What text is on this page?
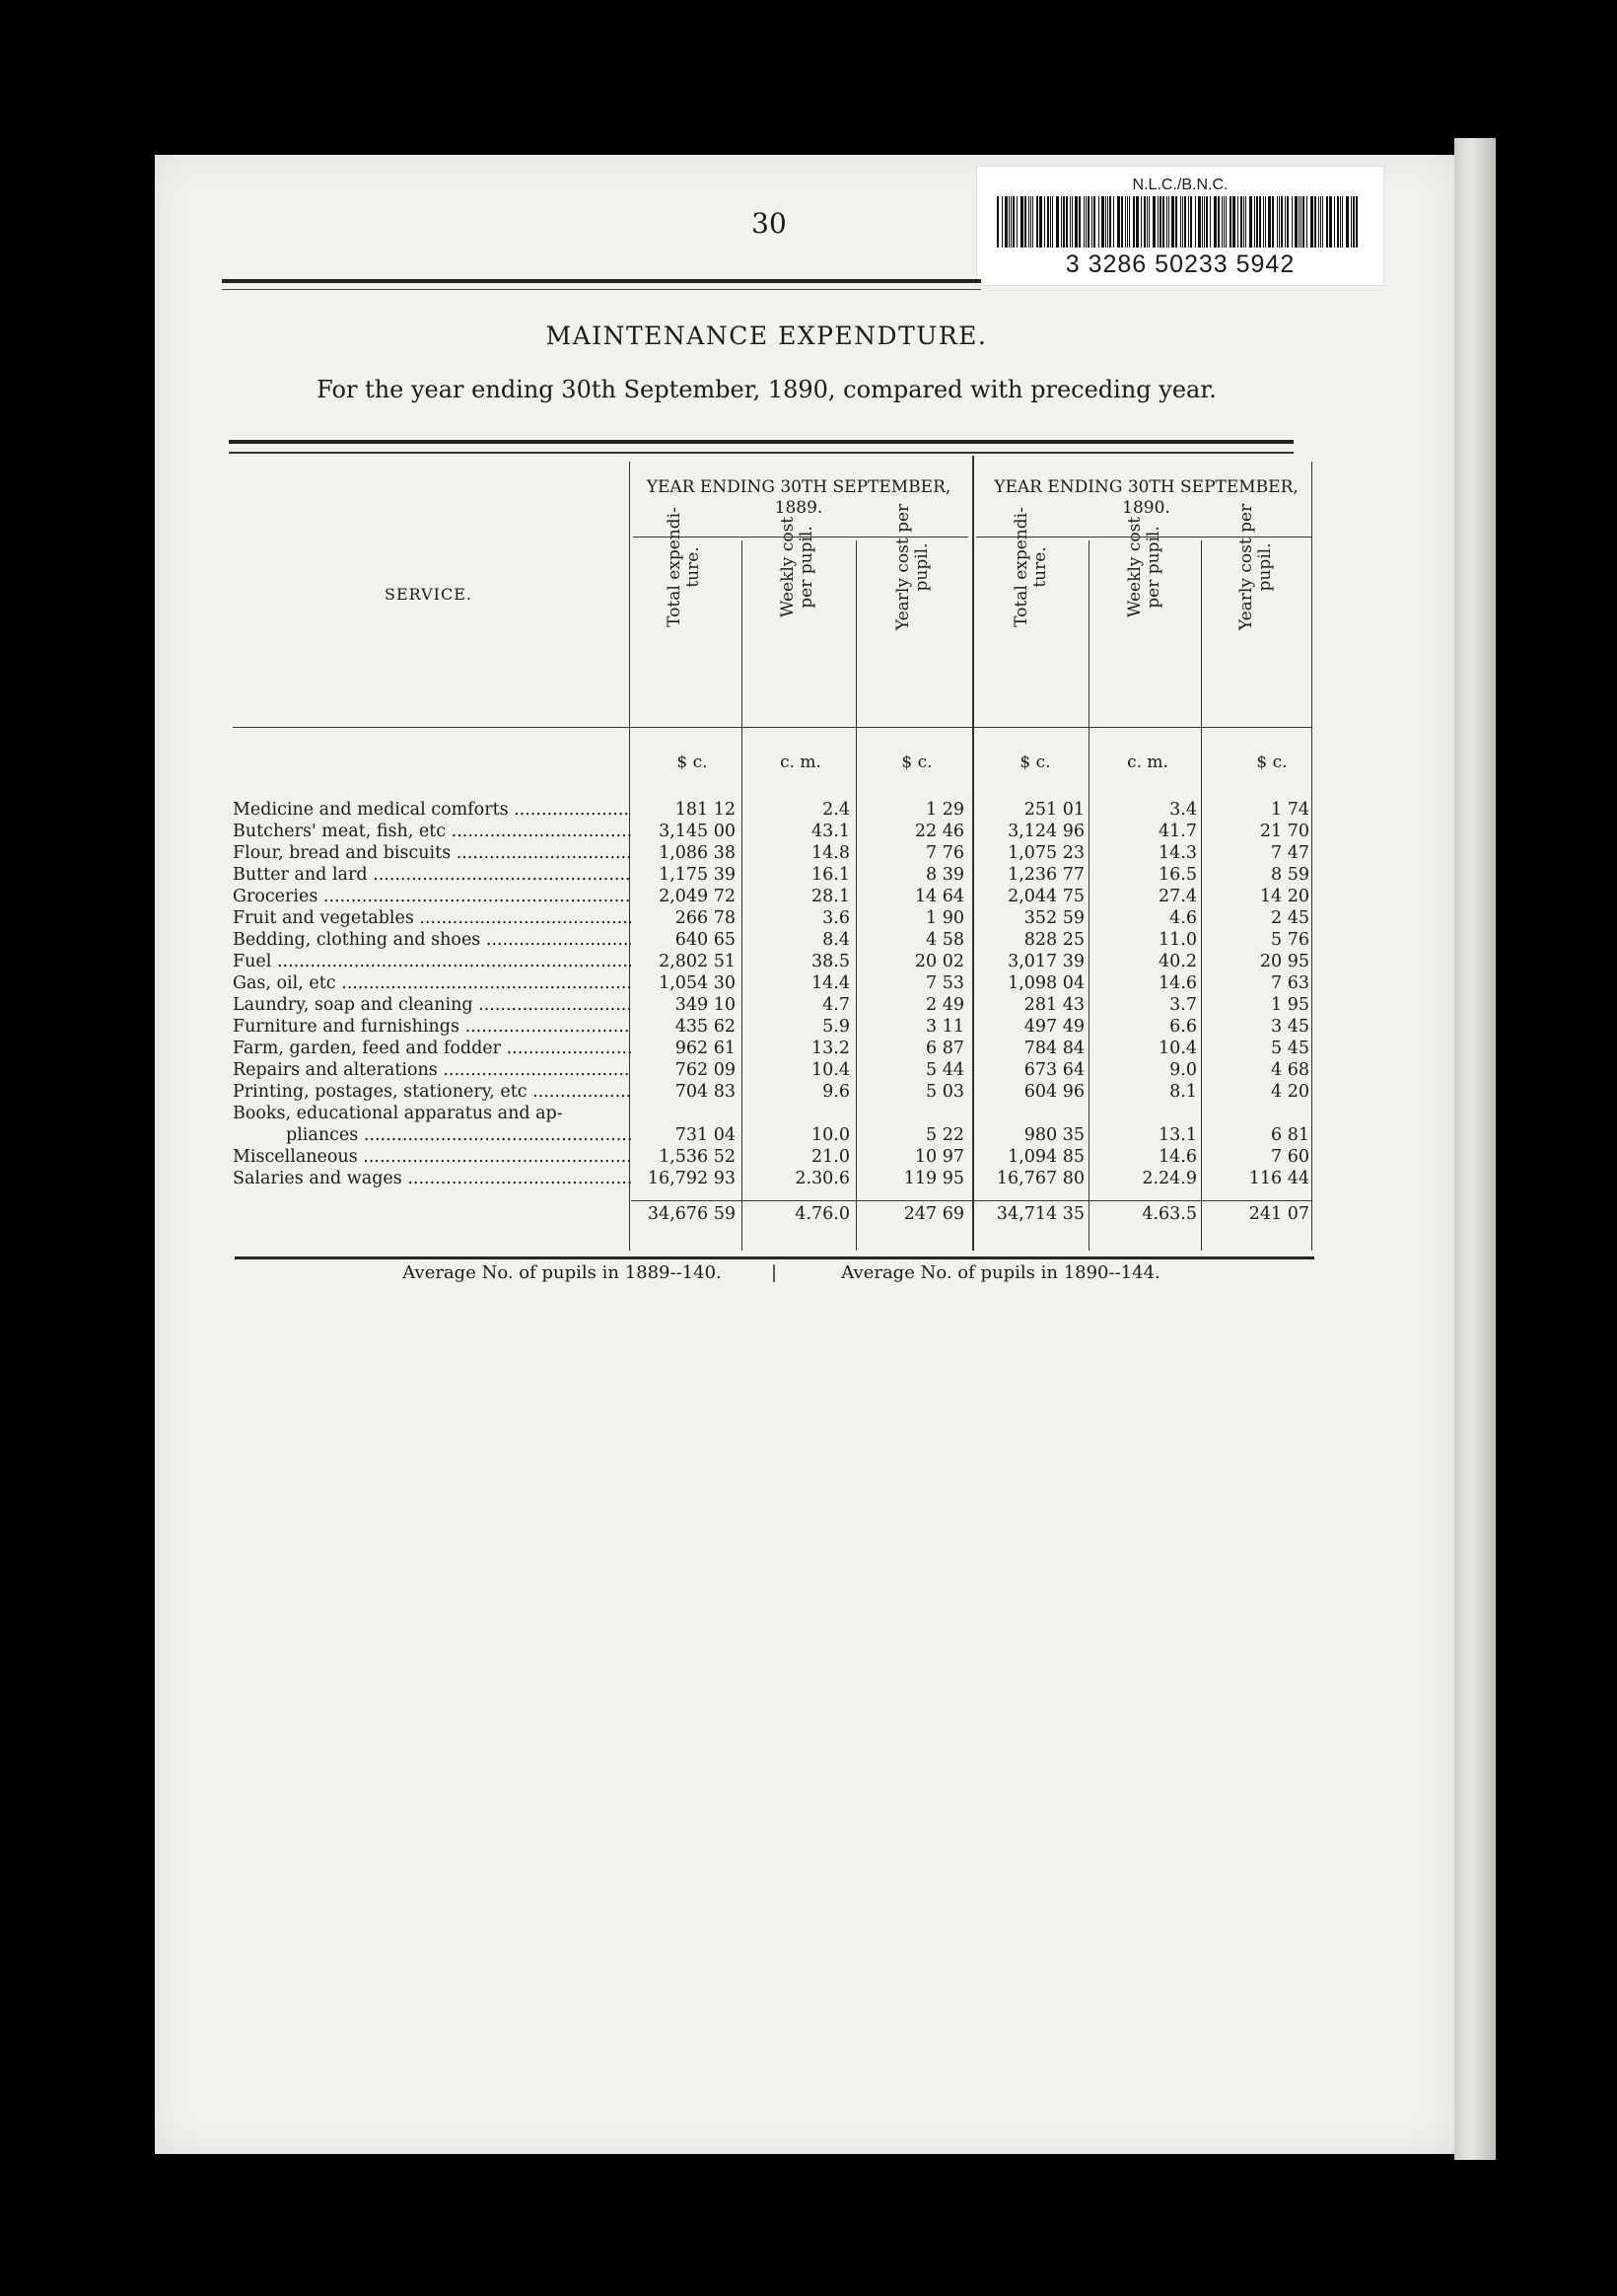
30
N.L.C./B.N.C.
3 3286 50233 5942
MAINTENANCE EXPENDTURE.
For the year ending 30th September, 1890, compared with preceding year.
SERVICE.
YEAR ENDING 30TH SEPTEMBER, 1889.
YEAR ENDING 30TH SEPTEMBER, 1890.
Total expendi-ture.	Weekly cost per pupil.	Yearly cost per pupil.	Total expendi-ture.	Weekly cost per pupil.	Yearly cost per pupil.
$ c.	c. m.	$ c.	$ c.	c. m.	$ c.
Medicine and medical comforts .....	181 12	2.4	1 29	251 01	3.4	1 74
Butchers' meat, fish, etc .....	3,145 00	43.1	22 46	3,124 96	41.7	21 70
Flour, bread and biscuits .....	1,086 38	14.8	7 76	1,075 23	14.3	7 47
Butter and lard .....	1,175 39	16.1	8 39	1,236 77	16.5	8 59
Groceries .....	2,049 72	28.1	14 64	2,044 75	27.4	14 20
Fruit and vegetables .....	266 78	3.6	1 90	352 59	4.6	2 45
Bedding, clothing and shoes .....	640 65	8.4	4 58	828 25	11.0	5 76
Fuel .....	2,802 51	38.5	20 02	3,017 39	40.2	20 95
Gas, oil, etc .....	1,054 30	14.4	7 53	1,098 04	14.6	7 63
Laundry, soap and cleaning .....	349 10	4.7	2 49	281 43	3.7	1 95
Furniture and furnishings .....	435 62	5.9	3 11	497 49	6.6	3 45
Farm, garden, feed and fodder .....	962 61	13.2	6 87	784 84	10.4	5 45
Repairs and alterations .....	762 09	10.4	5 44	673 64	9.0	4 68
Printing, postages, stationery, etc .....	704 83	9.6	5 03	604 96	8.1	4 20
Books, educational apparatus and ap-
pliances .....	731 04	10.0	5 22	980 35	13.1	6 81
Miscellaneous .....	1,536 52	21.0	10 97	1,094 85	14.6	7 60
Salaries and wages .....	16,792 93	2.30.6	119 95	16,767 80	2.24.9	116 44
34,676 59	4.76.0	247 69	34,714 35	4.63.5	241 07
Average No. of pupils in 1889--140.	|	Average No. of pupils in 1890--144.
